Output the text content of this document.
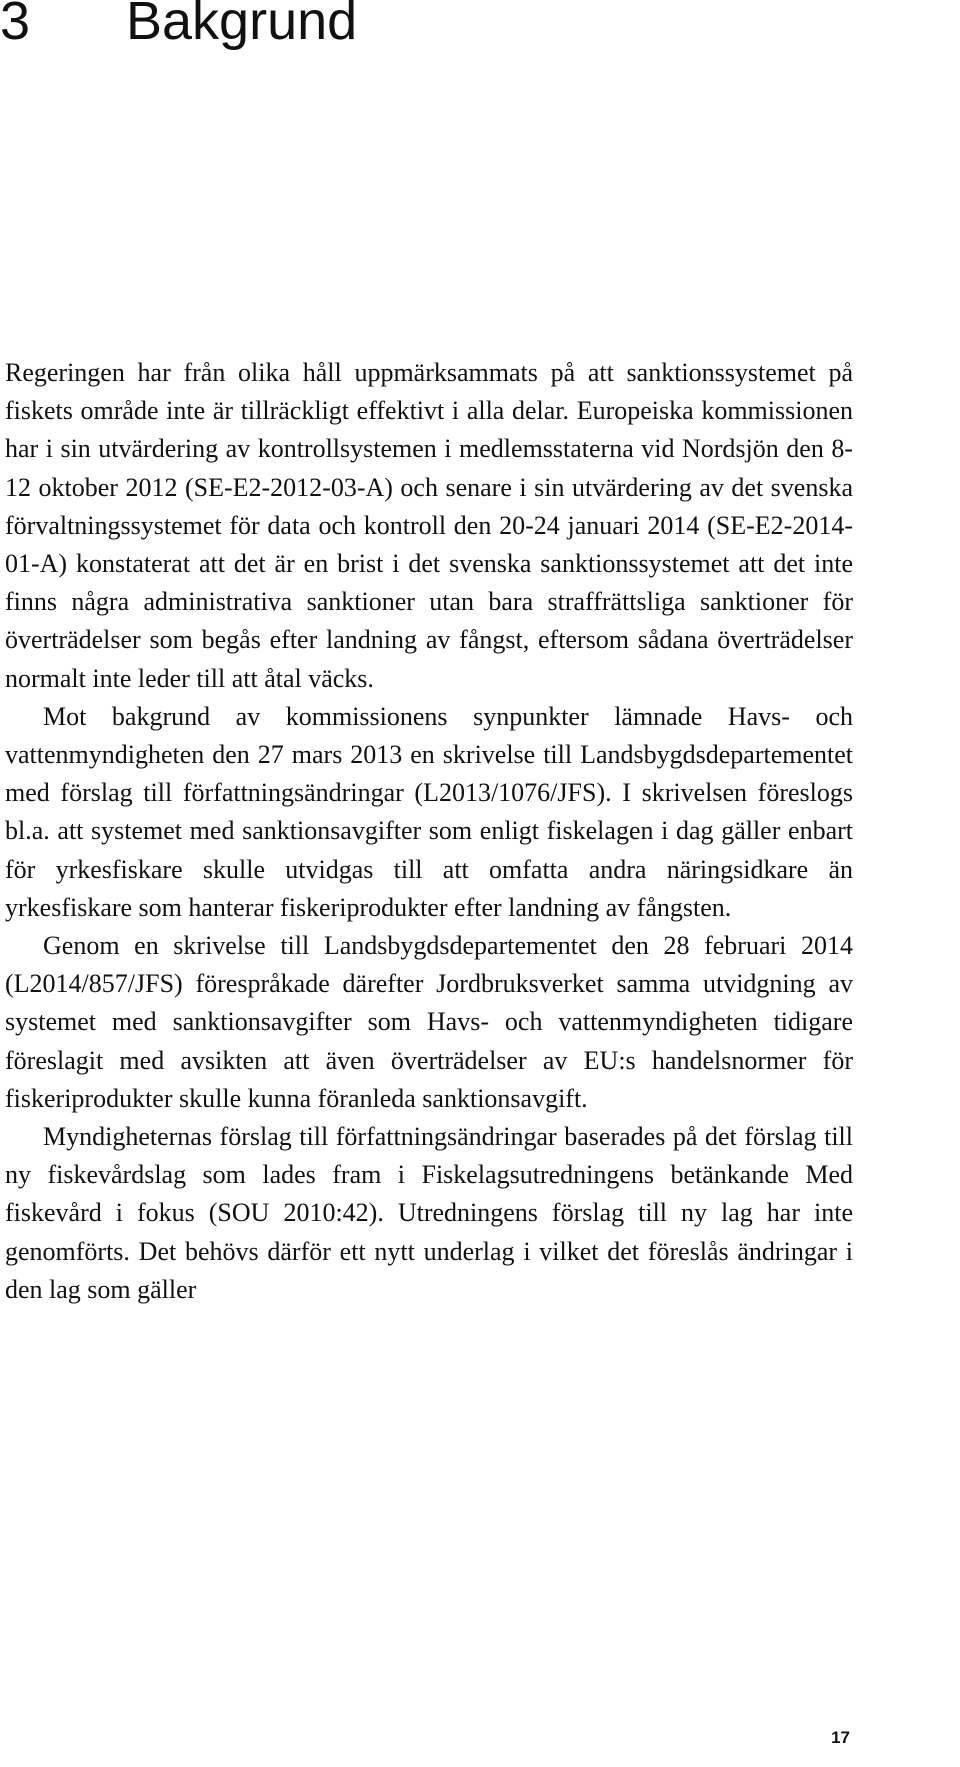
3 Bakgrund

Regeringen har från olika håll uppmärksammats på att sanktionssystemet på fiskets område inte är tillräckligt effektivt i alla delar. Europeiska kommissionen har i sin utvärdering av kontrollsystemen i medlemsstaterna vid Nordsjön den 8-12 oktober 2012 (SE-E2-2012-03-A) och senare i sin utvärdering av det svenska förvaltningssystemet för data och kontroll den 20-24 januari 2014 (SE-E2-2014-01-A) konstaterat att det är en brist i det svenska sanktionssystemet att det inte finns några administrativa sanktioner utan bara straffrättsliga sanktioner för överträdelser som begås efter landning av fångst, eftersom sådana överträdelser normalt inte leder till att åtal väcks.

Mot bakgrund av kommissionens synpunkter lämnade Havs- och vattenmyndigheten den 27 mars 2013 en skrivelse till Landsbygdsdepartementet med förslag till författningsändringar (L2013/1076/JFS). I skrivelsen föreslogs bl.a. att systemet med sanktionsavgifter som enligt fiskelagen i dag gäller enbart för yrkesfiskare skulle utvidgas till att omfatta andra näringsidkare än yrkesfiskare som hanterar fiskeriprodukter efter landning av fångsten.

Genom en skrivelse till Landsbygdsdepartementet den 28 februari 2014 (L2014/857/JFS) förespråkade därefter Jordbruksverket samma utvidgning av systemet med sanktionsavgifter som Havs- och vattenmyndigheten tidigare föreslagit med avsikten att även överträdelser av EU:s handelsnormer för fiskeriprodukter skulle kunna föranleda sanktionsavgift.

Myndigheternas förslag till författningsändringar baserades på det förslag till ny fiskevårdslag som lades fram i Fiskelagsutredningens betänkande Med fiskevård i fokus (SOU 2010:42). Utredningens förslag till ny lag har inte genomförts. Det behövs därför ett nytt underlag i vilket det föreslås ändringar i den lag som gäller

17
